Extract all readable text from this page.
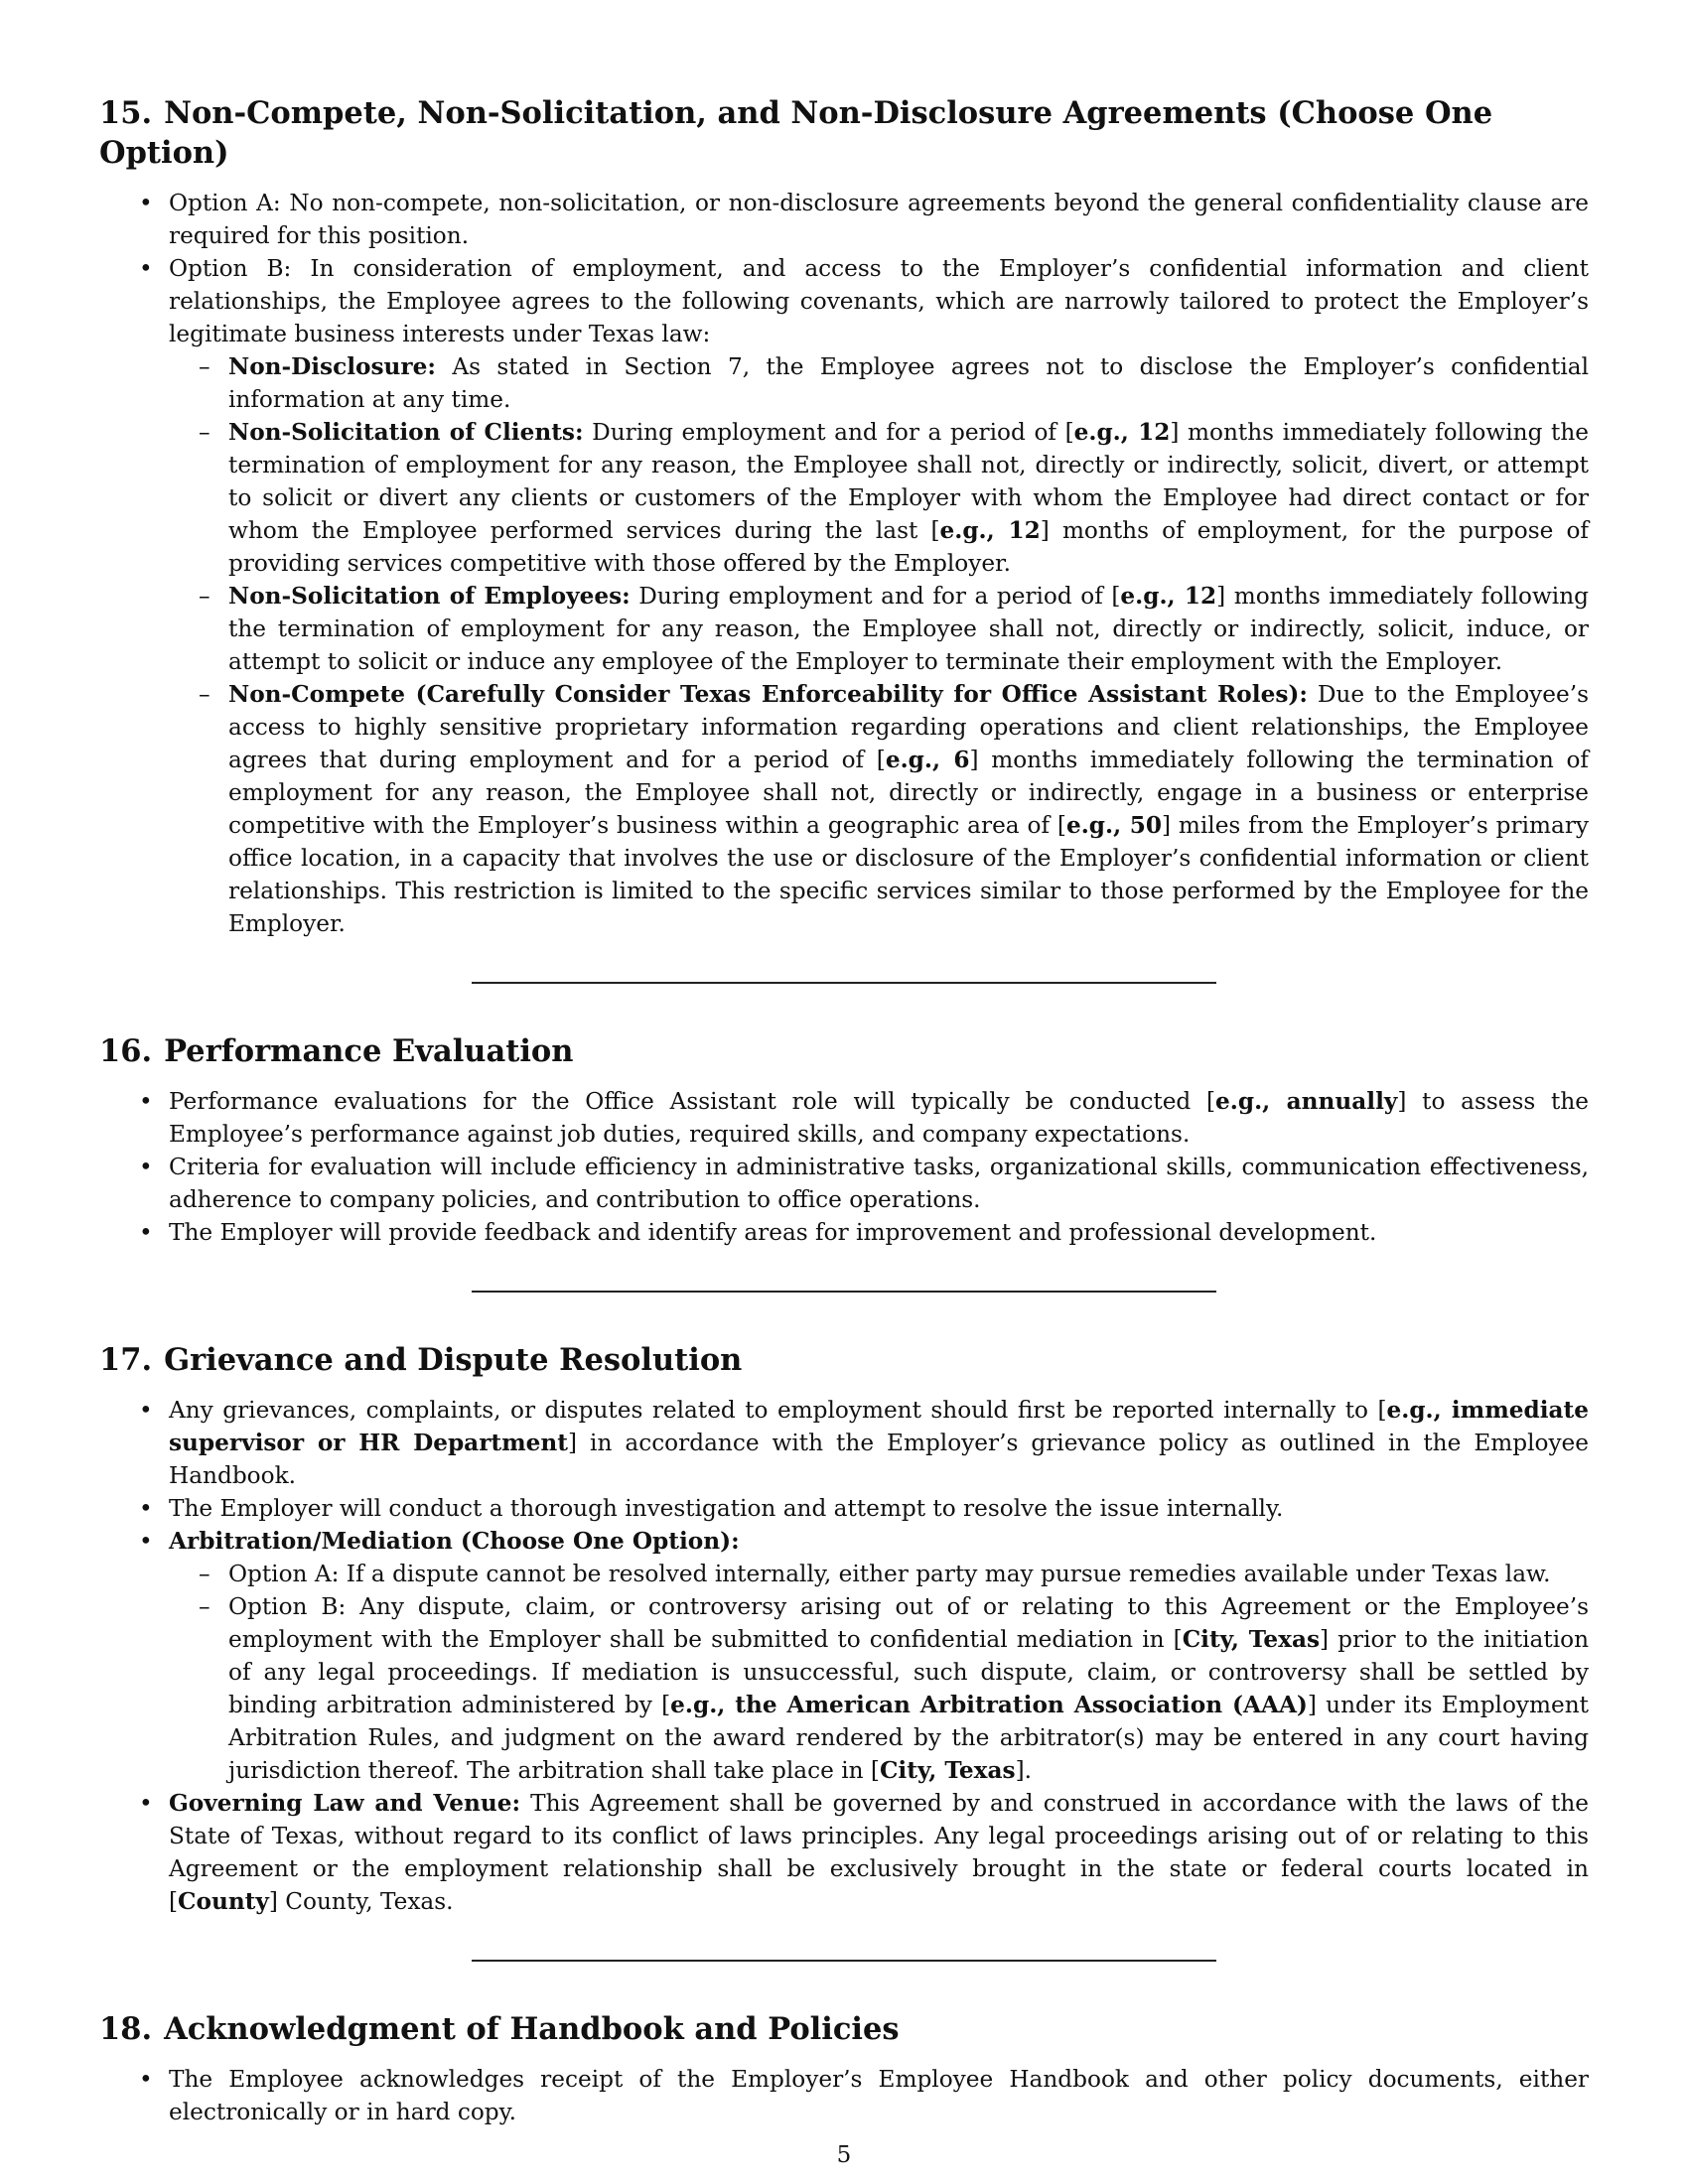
15. Non-Compete, Non-Solicitation, and Non-Disclosure Agreements (Choose One Option)
• Option A: No non-compete, non-solicitation, or non-disclosure agreements beyond the general confidentiality clause are required for this position.
• Option B: In consideration of employment, and access to the Employer’s confidential information and client relationships, the Employee agrees to the following covenants, which are narrowly tailored to protect the Employer’s legitimate business interests under Texas law:
– Non-Disclosure: As stated in Section 7, the Employee agrees not to disclose the Employer’s confidential information at any time.
– Non-Solicitation of Clients: During employment and for a period of [e.g., 12] months immediately following the termination of employment for any reason, the Employee shall not, directly or indirectly, solicit, divert, or attempt to solicit or divert any clients or customers of the Employer with whom the Employee had direct contact or for whom the Employee performed services during the last [e.g., 12] months of employment, for the purpose of providing services competitive with those offered by the Employer.
– Non-Solicitation of Employees: During employment and for a period of [e.g., 12] months immediately following the termination of employment for any reason, the Employee shall not, directly or indirectly, solicit, induce, or attempt to solicit or induce any employee of the Employer to terminate their employment with the Employer.
– Non-Compete (Carefully Consider Texas Enforceability for Office Assistant Roles): Due to the Employee’s access to highly sensitive proprietary information regarding operations and client relationships, the Employee agrees that during employment and for a period of [e.g., 6] months immediately following the termination of employment for any reason, the Employee shall not, directly or indirectly, engage in a business or enterprise competitive with the Employer’s business within a geographic area of [e.g., 50] miles from the Employer’s primary office location, in a capacity that involves the use or disclosure of the Employer’s confidential information or client relationships. This restriction is limited to the specific services similar to those performed by the Employee for the Employer.
16. Performance Evaluation
• Performance evaluations for the Office Assistant role will typically be conducted [e.g., annually] to assess the Employee’s performance against job duties, required skills, and company expectations.
• Criteria for evaluation will include efficiency in administrative tasks, organizational skills, communication effectiveness, adherence to company policies, and contribution to office operations.
• The Employer will provide feedback and identify areas for improvement and professional development.
17. Grievance and Dispute Resolution
• Any grievances, complaints, or disputes related to employment should first be reported internally to [e.g., immediate supervisor or HR Department] in accordance with the Employer’s grievance policy as outlined in the Employee Handbook.
• The Employer will conduct a thorough investigation and attempt to resolve the issue internally.
• Arbitration/Mediation (Choose One Option):
– Option A: If a dispute cannot be resolved internally, either party may pursue remedies available under Texas law.
– Option B: Any dispute, claim, or controversy arising out of or relating to this Agreement or the Employee’s employment with the Employer shall be submitted to confidential mediation in [City, Texas] prior to the initiation of any legal proceedings. If mediation is unsuccessful, such dispute, claim, or controversy shall be settled by binding arbitration administered by [e.g., the American Arbitration Association (AAA)] under its Employment Arbitration Rules, and judgment on the award rendered by the arbitrator(s) may be entered in any court having jurisdiction thereof. The arbitration shall take place in [City, Texas].
• Governing Law and Venue: This Agreement shall be governed by and construed in accordance with the laws of the State of Texas, without regard to its conflict of laws principles. Any legal proceedings arising out of or relating to this Agreement or the employment relationship shall be exclusively brought in the state or federal courts located in [County] County, Texas.
18. Acknowledgment of Handbook and Policies
• The Employee acknowledges receipt of the Employer’s Employee Handbook and other policy documents, either electronically or in hard copy.
5
